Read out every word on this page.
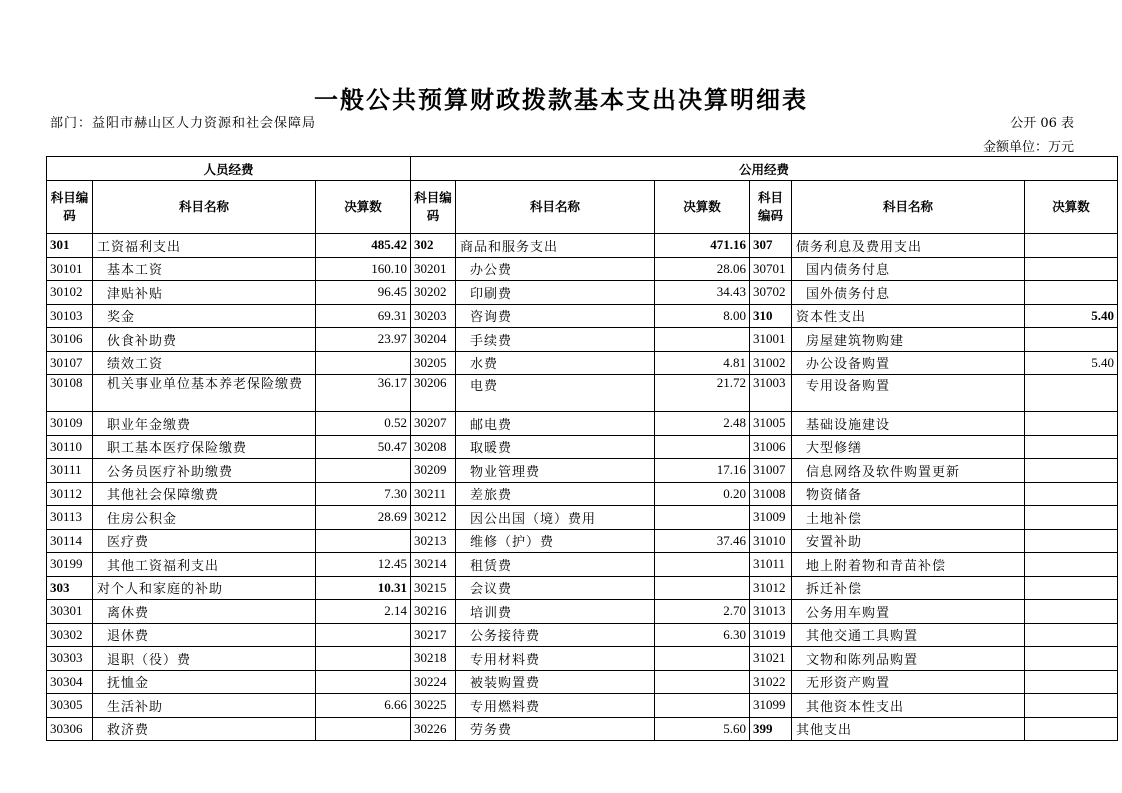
一般公共预算财政拨款基本支出决算明细表
部门：益阳市赫山区人力资源和社会保障局	公开 06 表
金额单位：万元
人员经费			公用经费					
科目编码	科目名称	决算数	科目编码	科目名称	决算数	科目编码	科目名称	决算数
301	工资福利支出	485.42	302	商品和服务支出	471.16	307	债务利息及费用支出	
30101	基本工资	160.10	30201	办公费	28.06	30701	国内债务付息	
30102	津贴补贴	96.45	30202	印刷费	34.43	30702	国外债务付息	
30103	奖金	69.31	30203	咨询费	8.00	310	资本性支出	5.40
30106	伙食补助费	23.97	30204	手续费		31001	房屋建筑物购建	
30107	绩效工资		30205	水费	4.81	31002	办公设备购置	5.40
30108	机关事业单位基本养老保险缴费	36.17	30206	电费	21.72	31003	专用设备购置	
30109	职业年金缴费	0.52	30207	邮电费	2.48	31005	基础设施建设	
30110	职工基本医疗保险缴费	50.47	30208	取暖费		31006	大型修缮	
30111	公务员医疗补助缴费		30209	物业管理费	17.16	31007	信息网络及软件购置更新	
30112	其他社会保障缴费	7.30	30211	差旅费	0.20	31008	物资储备	
30113	住房公积金	28.69	30212	因公出国（境）费用		31009	土地补偿	
30114	医疗费		30213	维修（护）费	37.46	31010	安置补助	
30199	其他工资福利支出	12.45	30214	租赁费		31011	地上附着物和青苗补偿	
303	对个人和家庭的补助	10.31	30215	会议费		31012	拆迁补偿	
30301	离休费	2.14	30216	培训费	2.70	31013	公务用车购置	
30302	退休费		30217	公务接待费	6.30	31019	其他交通工具购置	
30303	退职（役）费		30218	专用材料费		31021	文物和陈列品购置	
30304	抚恤金		30224	被装购置费		31022	无形资产购置	
30305	生活补助	6.66	30225	专用燃料费		31099	其他资本性支出	
30306	救济费		30226	劳务费	5.60	399	其他支出	
